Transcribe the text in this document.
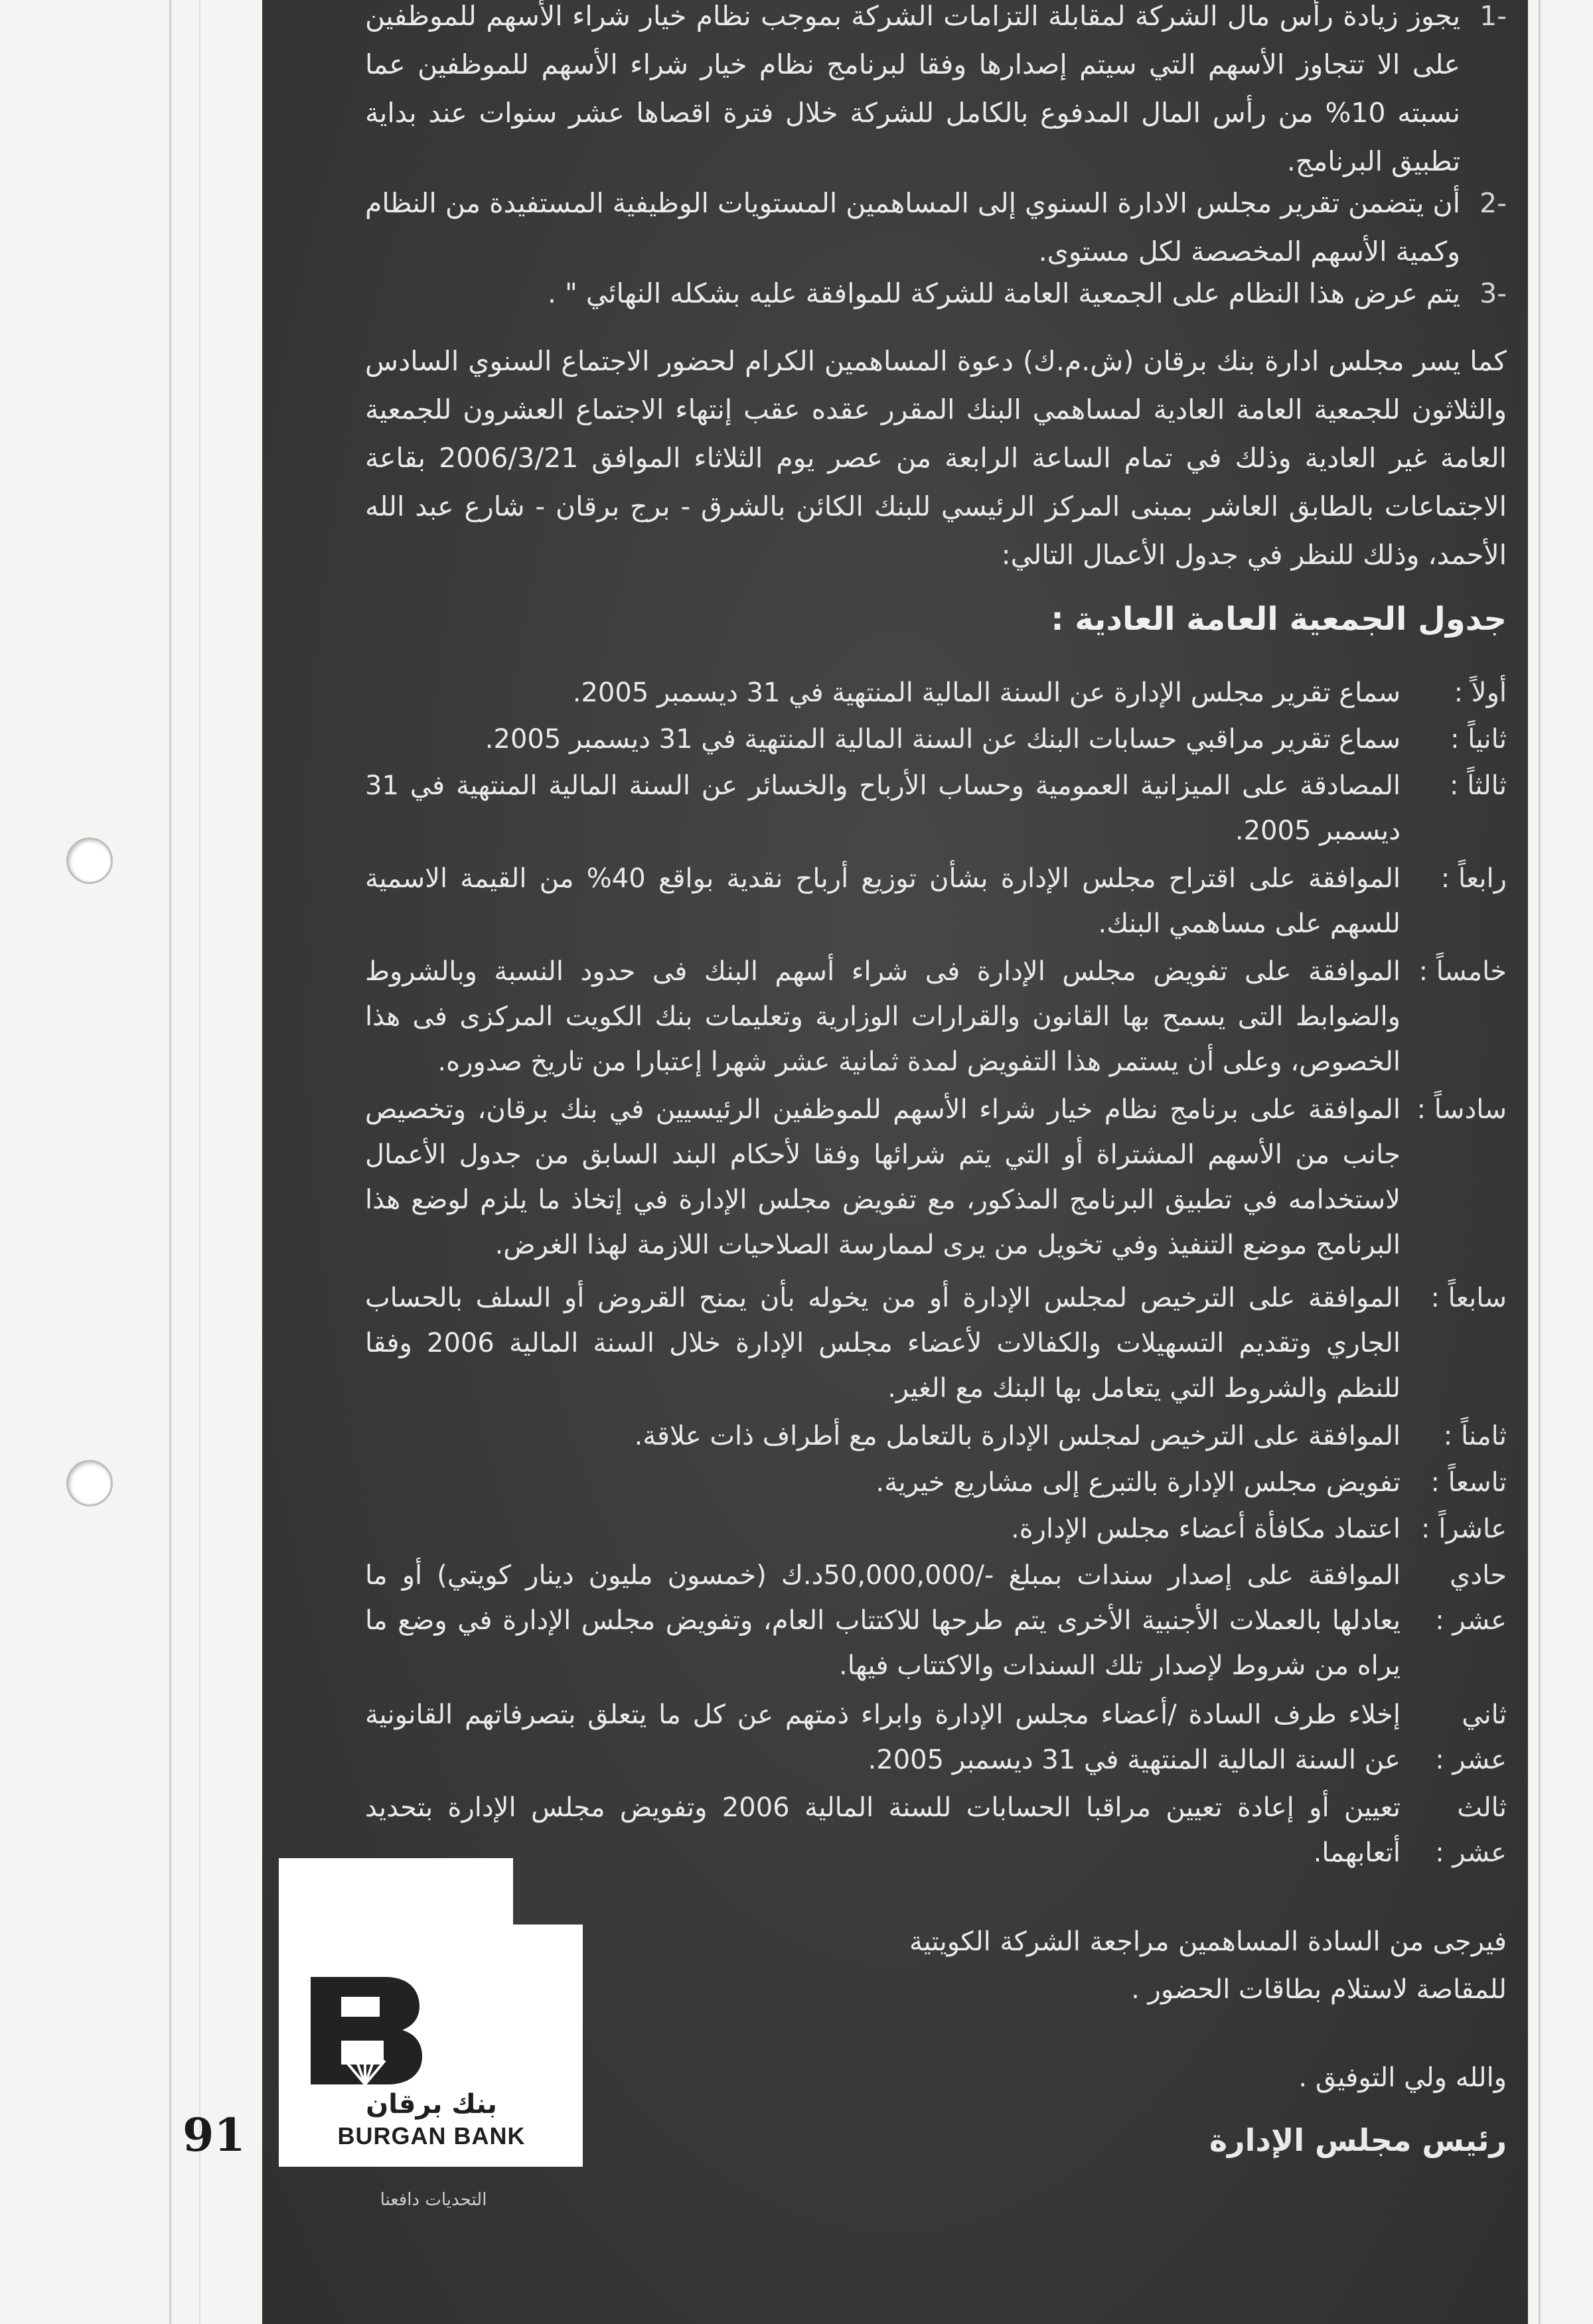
-1
يجوز زيادة رأس مال الشركة لمقابلة التزامات الشركة بموجب نظام خيار شراء الأسهم للموظفين على الا تتجاوز الأسهم التي سيتم إصدارها وفقا لبرنامج نظام خيار شراء الأسهم للموظفين عما نسبته 10% من رأس المال المدفوع بالكامل للشركة خلال فترة اقصاها عشر سنوات عند بداية تطبيق البرنامج.
-2
أن يتضمن تقرير مجلس الادارة السنوي إلى المساهمين المستويات الوظيفية المستفيدة من النظام وكمية الأسهم المخصصة لكل مستوى.
-3
يتم عرض هذا النظام على الجمعية العامة للشركة للموافقة عليه بشكله النهائي " .
كما يسر مجلس ادارة بنك برقان (ش.م.ك) دعوة المساهمين الكرام لحضور الاجتماع السنوي السادس والثلاثون للجمعية العامة العادية لمساهمي البنك المقرر عقده عقب إنتهاء الاجتماع العشرون للجمعية العامة غير العادية وذلك في تمام الساعة الرابعة من عصر يوم الثلاثاء الموافق 2006/3/21 بقاعة الاجتماعات بالطابق العاشر بمبنى المركز الرئيسي للبنك الكائن بالشرق - برج برقان - شارع عبد الله الأحمد، وذلك للنظر في جدول الأعمال التالي:
جدول الجمعية العامة العادية :
أولاً :
سماع تقرير مجلس الإدارة عن السنة المالية المنتهية في 31 ديسمبر 2005.
ثانياً :
سماع تقرير مراقبي حسابات البنك عن السنة المالية المنتهية في 31 ديسمبر 2005.
ثالثاً :
المصادقة على الميزانية العمومية وحساب الأرباح والخسائر عن السنة المالية المنتهية في 31 ديسمبر 2005.
رابعاً :
الموافقة على اقتراح مجلس الإدارة بشأن توزيع أرباح نقدية بواقع 40% من القيمة الاسمية للسهم على مساهمي البنك.
خامساً :
الموافقة على تفويض مجلس الإدارة فى شراء أسهم البنك فى حدود النسبة وبالشروط والضوابط التى يسمح بها القانون والقرارات الوزارية وتعليمات بنك الكويت المركزى فى هذا الخصوص، وعلى أن يستمر هذا التفويض لمدة ثمانية عشر شهرا إعتبارا من تاريخ صدوره.
سادساً :
الموافقة على برنامج نظام خيار شراء الأسهم للموظفين الرئيسيين في بنك برقان، وتخصيص جانب من الأسهم المشتراة أو التي يتم شرائها وفقا لأحكام البند السابق من جدول الأعمال لاستخدامه في تطبيق البرنامج المذكور، مع تفويض مجلس الإدارة في إتخاذ ما يلزم لوضع هذا البرنامج موضع التنفيذ وفي تخويل من يرى لممارسة الصلاحيات اللازمة لهذا الغرض.
سابعاً :
الموافقة على الترخيص لمجلس الإدارة أو من يخوله بأن يمنح القروض أو السلف بالحساب الجاري وتقديم التسهيلات والكفالات لأعضاء مجلس الإدارة خلال السنة المالية 2006 وفقا للنظم والشروط التي يتعامل بها البنك مع الغير.
ثامناً :
الموافقة على الترخيص لمجلس الإدارة بالتعامل مع أطراف ذات علاقة.
تاسعاً :
تفويض مجلس الإدارة بالتبرع إلى مشاريع خيرية.
عاشراً :
اعتماد مكافأة أعضاء مجلس الإدارة.
حادي عشر :
الموافقة على إصدار سندات بمبلغ -/50,000,000د.ك (خمسون مليون دينار كويتي) أو ما يعادلها بالعملات الأجنبية الأخرى يتم طرحها للاكتتاب العام، وتفويض مجلس الإدارة في وضع ما يراه من شروط لإصدار تلك السندات والاكتتاب فيها.
ثاني عشر :
إخلاء طرف السادة /أعضاء مجلس الإدارة وابراء ذمتهم عن كل ما يتعلق بتصرفاتهم القانونية عن السنة المالية المنتهية في 31 ديسمبر 2005.
ثالث عشر :
تعيين أو إعادة تعيين مراقبا الحسابات للسنة المالية 2006 وتفويض مجلس الإدارة بتحديد أتعابهما.
فيرجى من السادة المساهمين مراجعة الشركة الكويتية للمقاصة لاستلام بطاقات الحضور .
والله ولي التوفيق .
رئيس مجلس الإدارة
بنك برقان
BURGAN BANK
التحديات دافعنا
91
